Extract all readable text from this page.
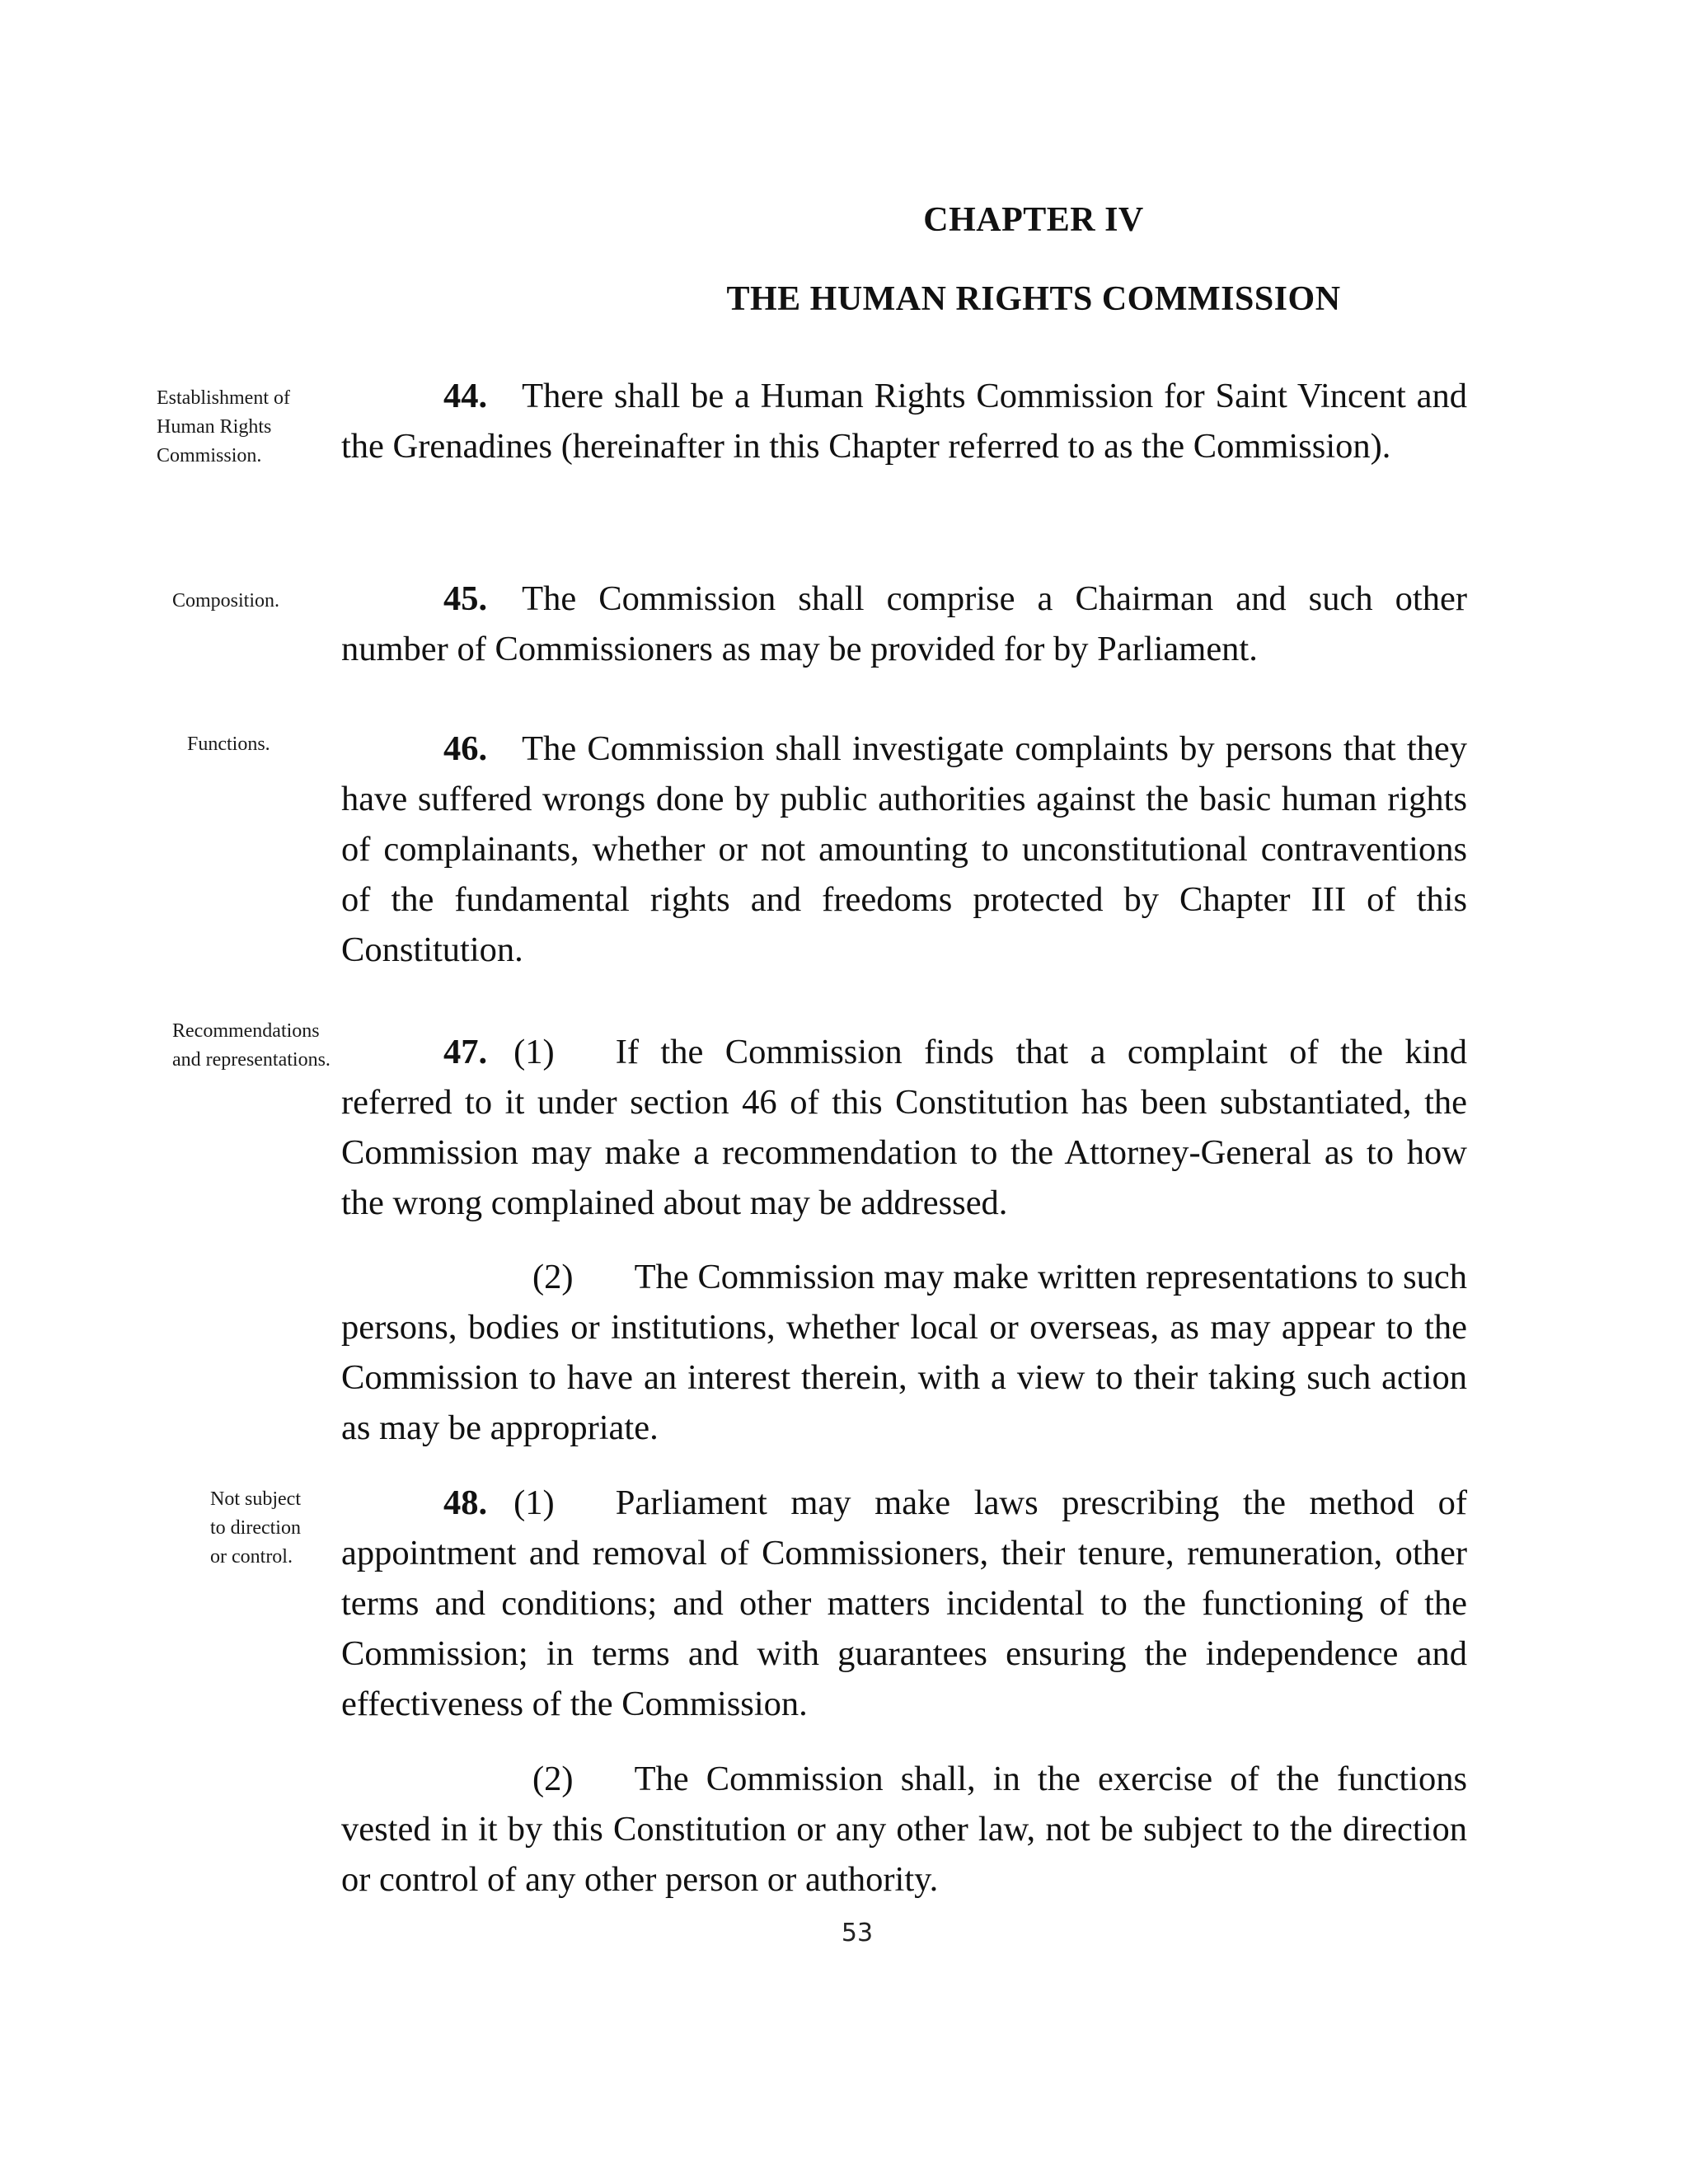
CHAPTER IV
THE HUMAN RIGHTS COMMISSION
Establishment of
Human Rights
Commission.
Composition.
Functions.
Recommendations
and representations.
Not subject
to direction
or control.

44. There shall be a Human Rights Commission for Saint Vincent and the Grenadines (hereinafter in this Chapter referred to as the Commission).

45. The Commission shall comprise a Chairman and such other number of Commissioners as may be provided for by Parliament.

46. The Commission shall investigate complaints by persons that they have suffered wrongs done by public authorities against the basic human rights of complainants, whether or not amounting to unconstitutional contraventions of the fundamental rights and freedoms protected by Chapter III of this Constitution.

47. (1) If the Commission finds that a complaint of the kind referred to it under section 46 of this Constitution has been substantiated, the Commission may make a recommendation to the Attorney-General as to how the wrong complained about may be addressed.

(2) The Commission may make written representations to such persons, bodies or institutions, whether local or overseas, as may appear to the Commission to have an interest therein, with a view to their taking such action as may be appropriate.

48. (1) Parliament may make laws prescribing the method of appointment and removal of Commissioners, their tenure, remuneration, other terms and conditions; and other matters incidental to the functioning of the Commission; in terms and with guarantees ensuring the independence and effectiveness of the Commission.

(2) The Commission shall, in the exercise of the functions vested in it by this Constitution or any other law, not be subject to the direction or control of any other person or authority.

53
